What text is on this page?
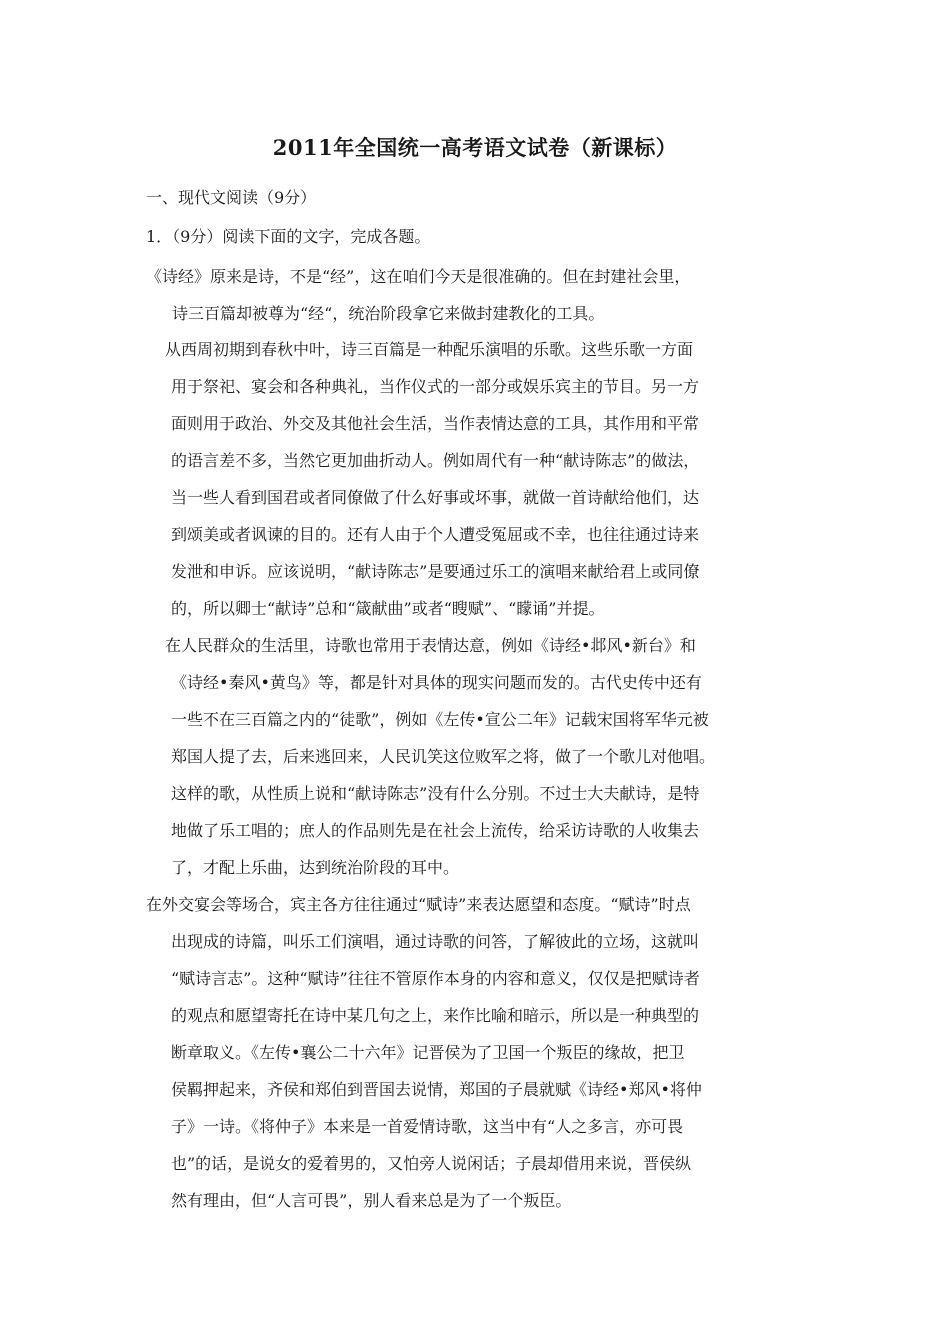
2011年全国统一高考语文试卷（新课标）
一、现代文阅读（9分）
1．（9分）阅读下面的文字，完成各题。
《诗经》原来是诗，不是“经”，这在咱们今天是很准确的。但在封建社会里，
诗三百篇却被尊为“经“，统治阶段拿它来做封建教化的工具。
从西周初期到春秋中叶，诗三百篇是一种配乐演唱的乐歌。这些乐歌一方面
用于祭祀、宴会和各种典礼，当作仪式的一部分或娱乐宾主的节目。另一方
面则用于政治、外交及其他社会生活，当作表情达意的工具，其作用和平常
的语言差不多，当然它更加曲折动人。例如周代有一种“献诗陈志”的做法，
当一些人看到国君或者同僚做了什么好事或坏事，就做一首诗献给他们，达
到颂美或者讽谏的目的。还有人由于个人遭受冤屈或不幸，也往往通过诗来
发泄和申诉。应该说明，“献诗陈志”是要通过乐工的演唱来献给君上或同僚
的，所以卿士“献诗”总和“箴献曲”或者“瞍赋”、“矇诵”并提。
在人民群众的生活里，诗歌也常用于表情达意，例如《诗经•邶风•新台》和
《诗经•秦风•黄鸟》等，都是针对具体的现实问题而发的。古代史传中还有
一些不在三百篇之内的“徒歌”，例如《左传•宣公二年》记载宋国将军华元被
郑国人提了去，后来逃回来，人民讥笑这位败军之将，做了一个歌儿对他唱。
这样的歌，从性质上说和“献诗陈志”没有什么分别。不过士大夫献诗，是特
地做了乐工唱的；庶人的作品则先是在社会上流传，给采访诗歌的人收集去
了，才配上乐曲，达到统治阶段的耳中。
在外交宴会等场合，宾主各方往往通过“赋诗”来表达愿望和态度。“赋诗”时点
出现成的诗篇，叫乐工们演唱，通过诗歌的问答，了解彼此的立场，这就叫
“赋诗言志”。这种“赋诗”往往不管原作本身的内容和意义，仅仅是把赋诗者
的观点和愿望寄托在诗中某几句之上，来作比喻和暗示，所以是一种典型的
断章取义。《左传•襄公二十六年》记晋侯为了卫国一个叛臣的缘故，把卫
侯羁押起来，齐侯和郑伯到晋国去说情，郑国的子晨就赋《诗经•郑风•将仲
子》一诗。《将仲子》本来是一首爱情诗歌，这当中有“人之多言，亦可畏
也”的话，是说女的爱着男的，又怕旁人说闲话；子晨却借用来说，晋侯纵
然有理由，但“人言可畏”，别人看来总是为了一个叛臣。
